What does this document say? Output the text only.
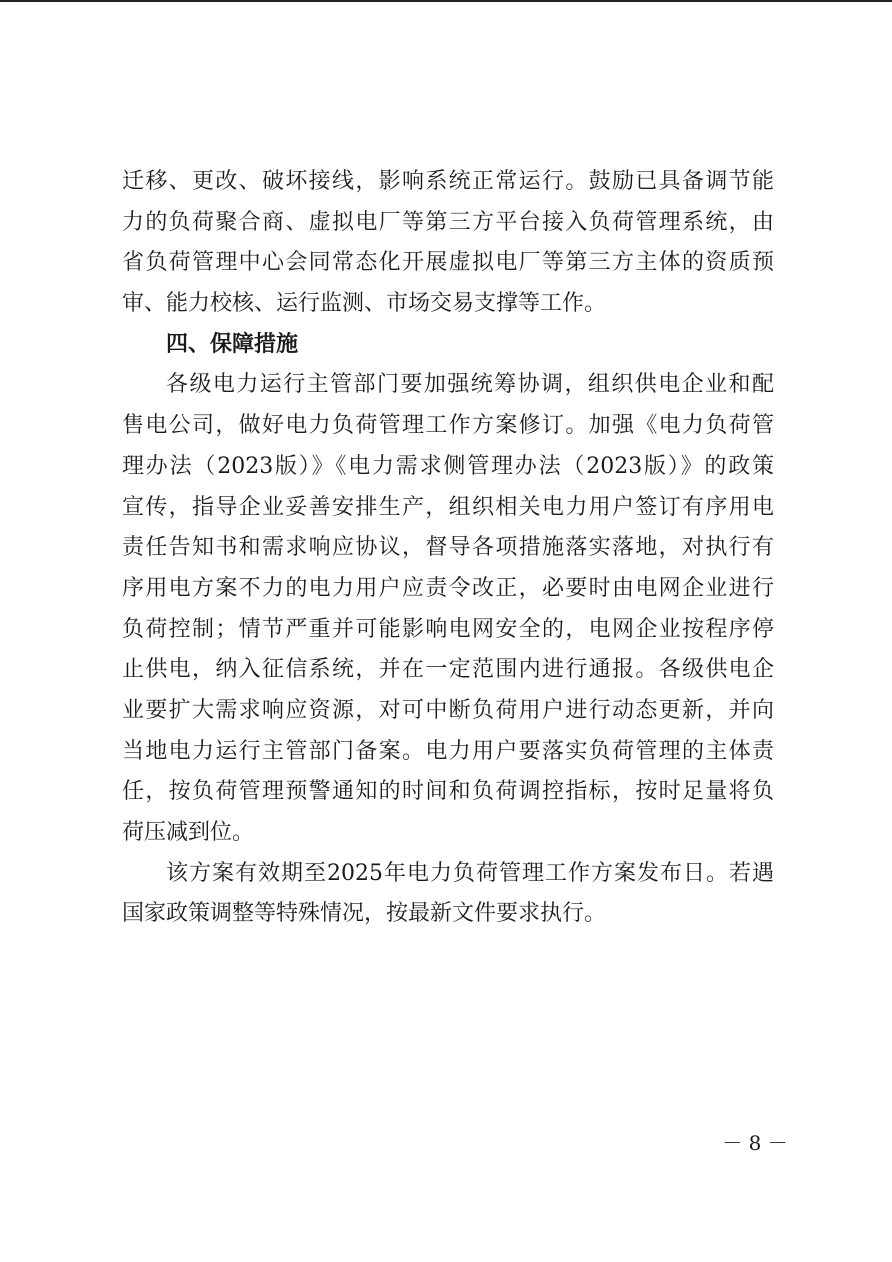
迁移、更改、破坏接线，影响系统正常运行。鼓励已具备调节能
力的负荷聚合商、虚拟电厂等第三方平台接入负荷管理系统，由
省负荷管理中心会同常态化开展虚拟电厂等第三方主体的资质预
审、能力校核、运行监测、市场交易支撑等工作。
四、保障措施
各级电力运行主管部门要加强统筹协调，组织供电企业和配
售电公司，做好电力负荷管理工作方案修订。加强《电力负荷管
理办法（2023版）》《电力需求侧管理办法（2023版）》的政策
宣传，指导企业妥善安排生产，组织相关电力用户签订有序用电
责任告知书和需求响应协议，督导各项措施落实落地，对执行有
序用电方案不力的电力用户应责令改正，必要时由电网企业进行
负荷控制；情节严重并可能影响电网安全的，电网企业按程序停
止供电，纳入征信系统，并在一定范围内进行通报。各级供电企
业要扩大需求响应资源，对可中断负荷用户进行动态更新，并向
当地电力运行主管部门备案。电力用户要落实负荷管理的主体责
任，按负荷管理预警通知的时间和负荷调控指标，按时足量将负
荷压减到位。
该方案有效期至2025年电力负荷管理工作方案发布日。若遇
国家政策调整等特殊情况，按最新文件要求执行。
－ 8 －
